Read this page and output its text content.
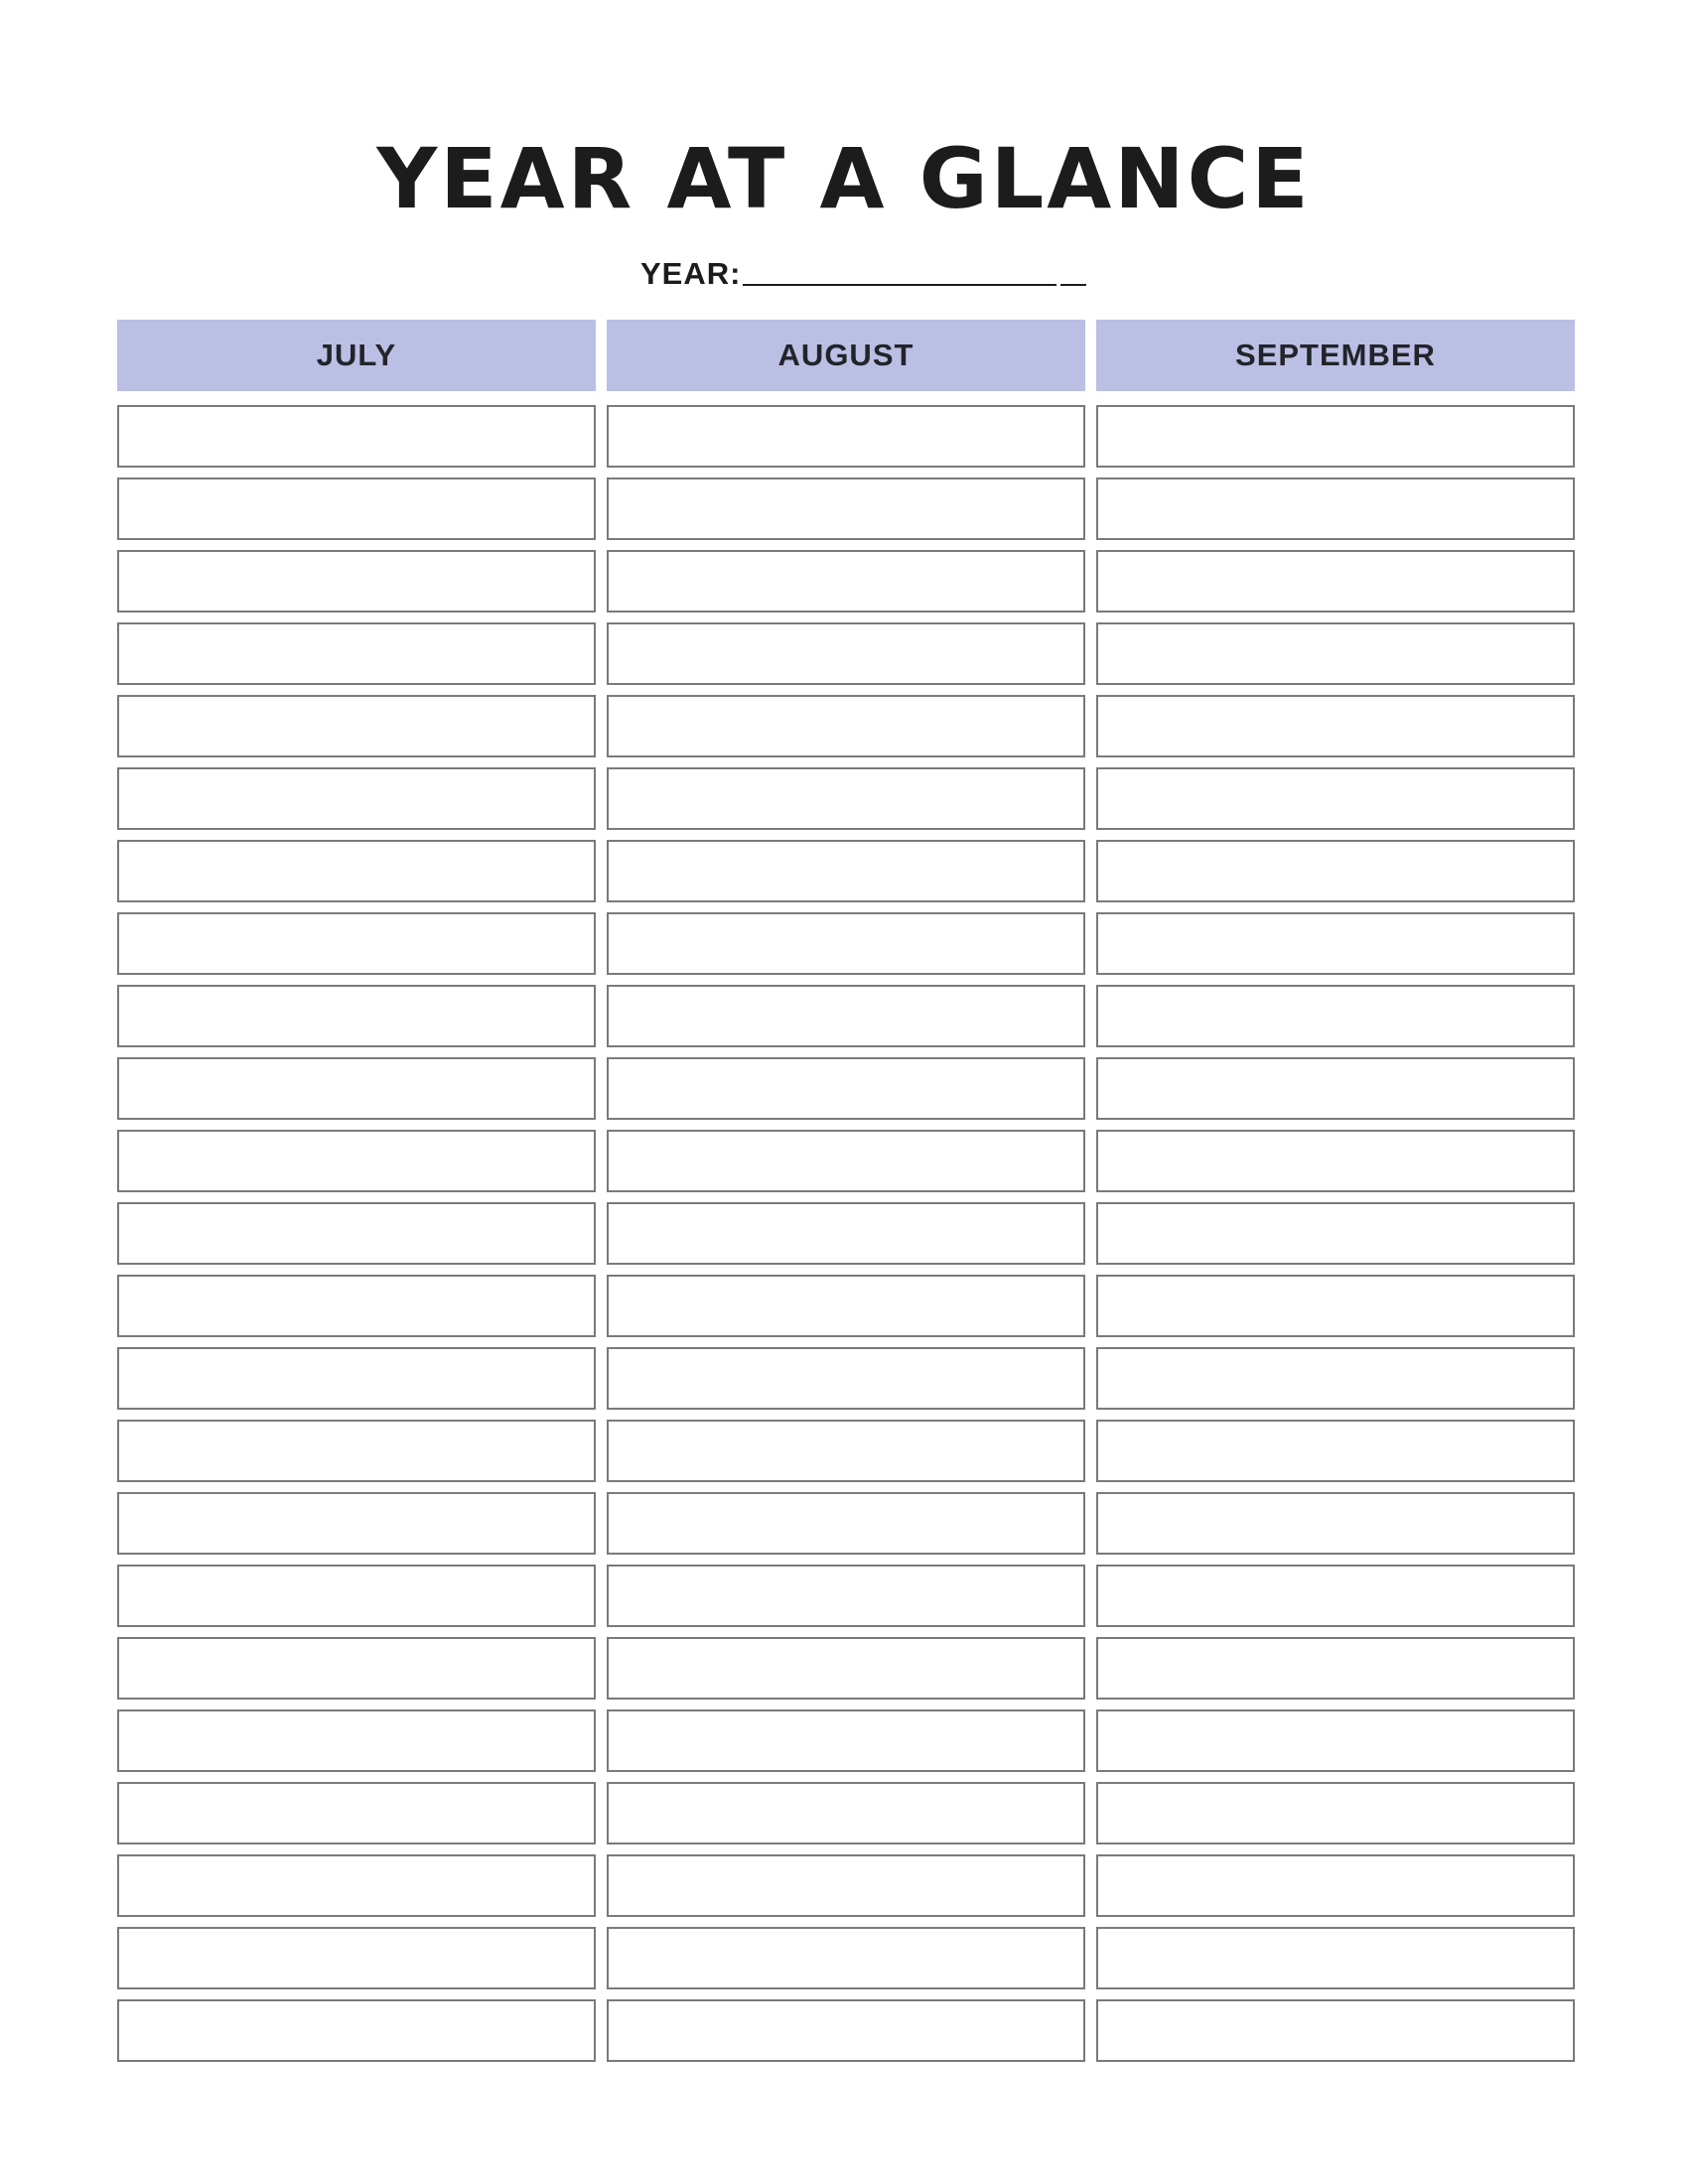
YEAR AT A GLANCE
YEAR:
JULY	AUGUST	SEPTEMBER
